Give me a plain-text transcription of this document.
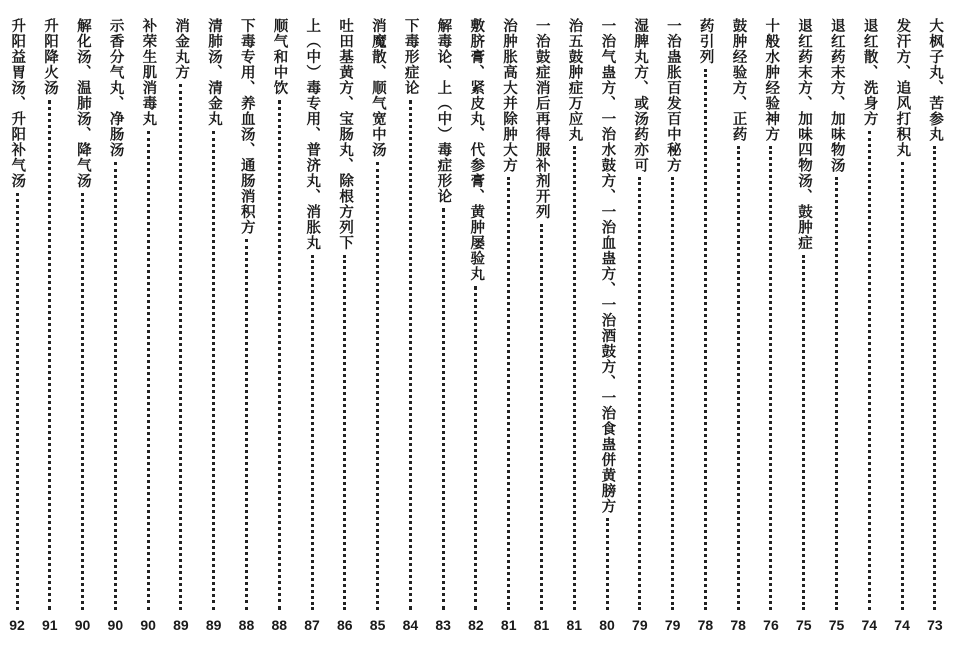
大枫子丸、苦参丸
73
发汗方、追风打积丸
74
退红散、洗身方
74
退红药末方、加味物汤
75
退红药末方、加味四物汤、鼓肿症
75
十般水肿经验神方
76
鼓肿经验方、正药
78
药引列
78
一治蛊胀百发百中秘方
79
湿脾丸方、或汤药亦可
79
一治气蛊方、一治水鼓方、一治血蛊方、一治酒鼓方、一治食蛊併黄膀方
80
治五鼓肿症万应丸
81
一治鼓症消后再得服补剂开列
81
治肿胀高大并除肿大方
81
敷脐膏、紧皮丸、代参膏、黄肿屡验丸
82
解毒论、上（中）毒症形论
83
下毒形症论
84
消魔散、顺气宽中汤
85
吐田基黄方、宝肠丸、除根方列下
86
上（中）毒专用、普济丸、消胀丸
87
顺气和中饮
88
下毒专用、养血汤、通肠消积方
88
清肺汤、清金丸
89
消金丸方
89
补荣生肌消毒丸
90
示香分气丸、净肠汤
90
解化汤、温肺汤、降气汤
90
升阳降火汤
91
升阳益胃汤、升阳补气汤
92
